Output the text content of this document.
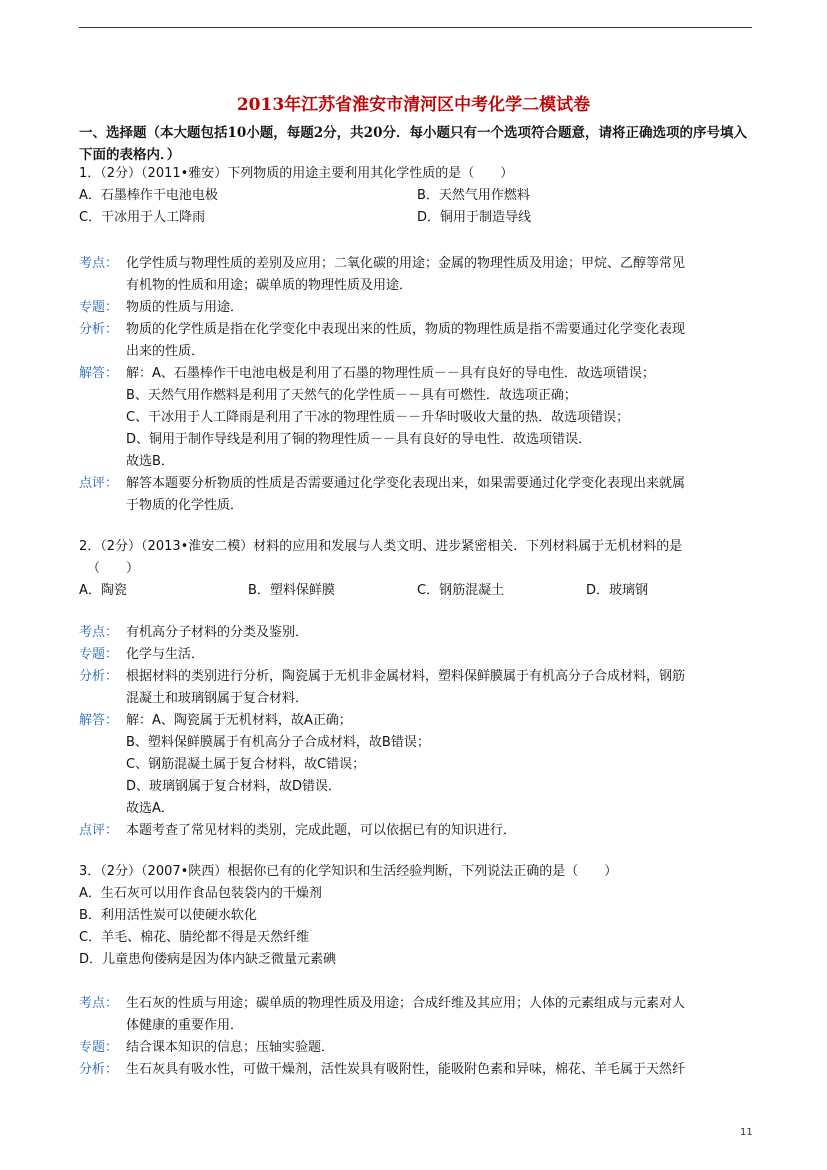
2013年江苏省淮安市清河区中考化学二模试卷
一、选择题（本大题包括10小题，每题2分，共20分．每小题只有一个选项符合题意，请将正确选项的序号填入下面的表格内．）
1．（2分）（2011•雅安）下列物质的用途主要利用其化学性质的是（　　）
A．石墨棒作干电池电极	B．天然气用作燃料
C．干冰用于人工降雨	D．铜用于制造导线
考点： 化学性质与物理性质的差别及应用；二氧化碳的用途；金属的物理性质及用途；甲烷、乙醇等常见
有机物的性质和用途；碳单质的物理性质及用途．
专题： 物质的性质与用途．
分析： 物质的化学性质是指在化学变化中表现出来的性质，物质的物理性质是指不需要通过化学变化表现
出来的性质．
解答： 解：A、石墨棒作干电池电极是利用了石墨的物理性质－－具有良好的导电性．故选项错误；
B、天然气用作燃料是利用了天然气的化学性质－－具有可燃性．故选项正确；
C、干冰用于人工降雨是利用了干冰的物理性质－－升华时吸收大量的热．故选项错误；
D、铜用于制作导线是利用了铜的物理性质－－具有良好的导电性．故选项错误．
故选B．
点评： 解答本题要分析物质的性质是否需要通过化学变化表现出来，如果需要通过化学变化表现出来就属
于物质的化学性质．
2．（2分）（2013•淮安二模）材料的应用和发展与人类文明、进步紧密相关．下列材料属于无机材料的是
（　　）
A．陶瓷	B．塑料保鲜膜	C．钢筋混凝土	D．玻璃钢
考点： 有机高分子材料的分类及鉴别．
专题： 化学与生活．
分析： 根据材料的类别进行分析，陶瓷属于无机非金属材料，塑料保鲜膜属于有机高分子合成材料，钢筋
混凝土和玻璃钢属于复合材料．
解答： 解：A、陶瓷属于无机材料，故A正确；
B、塑料保鲜膜属于有机高分子合成材料，故B错误；
C、钢筋混凝土属于复合材料，故C错误；
D、玻璃钢属于复合材料，故D错误．
故选A．
点评： 本题考查了常见材料的类别，完成此题，可以依据已有的知识进行．
3．（2分）（2007•陕西）根据你已有的化学知识和生活经验判断，下列说法正确的是（　　）
A．生石灰可以用作食品包装袋内的干燥剂
B．利用活性炭可以使硬水软化
C．羊毛、棉花、腈纶都不得是天然纤维
D．儿童患佝偻病是因为体内缺乏微量元素碘
考点： 生石灰的性质与用途；碳单质的物理性质及用途；合成纤维及其应用；人体的元素组成与元素对人
体健康的重要作用．
专题： 结合课本知识的信息；压轴实验题．
分析： 生石灰具有吸水性，可做干燥剂，活性炭具有吸附性，能吸附色素和异味，棉花、羊毛属于天然纤
11
